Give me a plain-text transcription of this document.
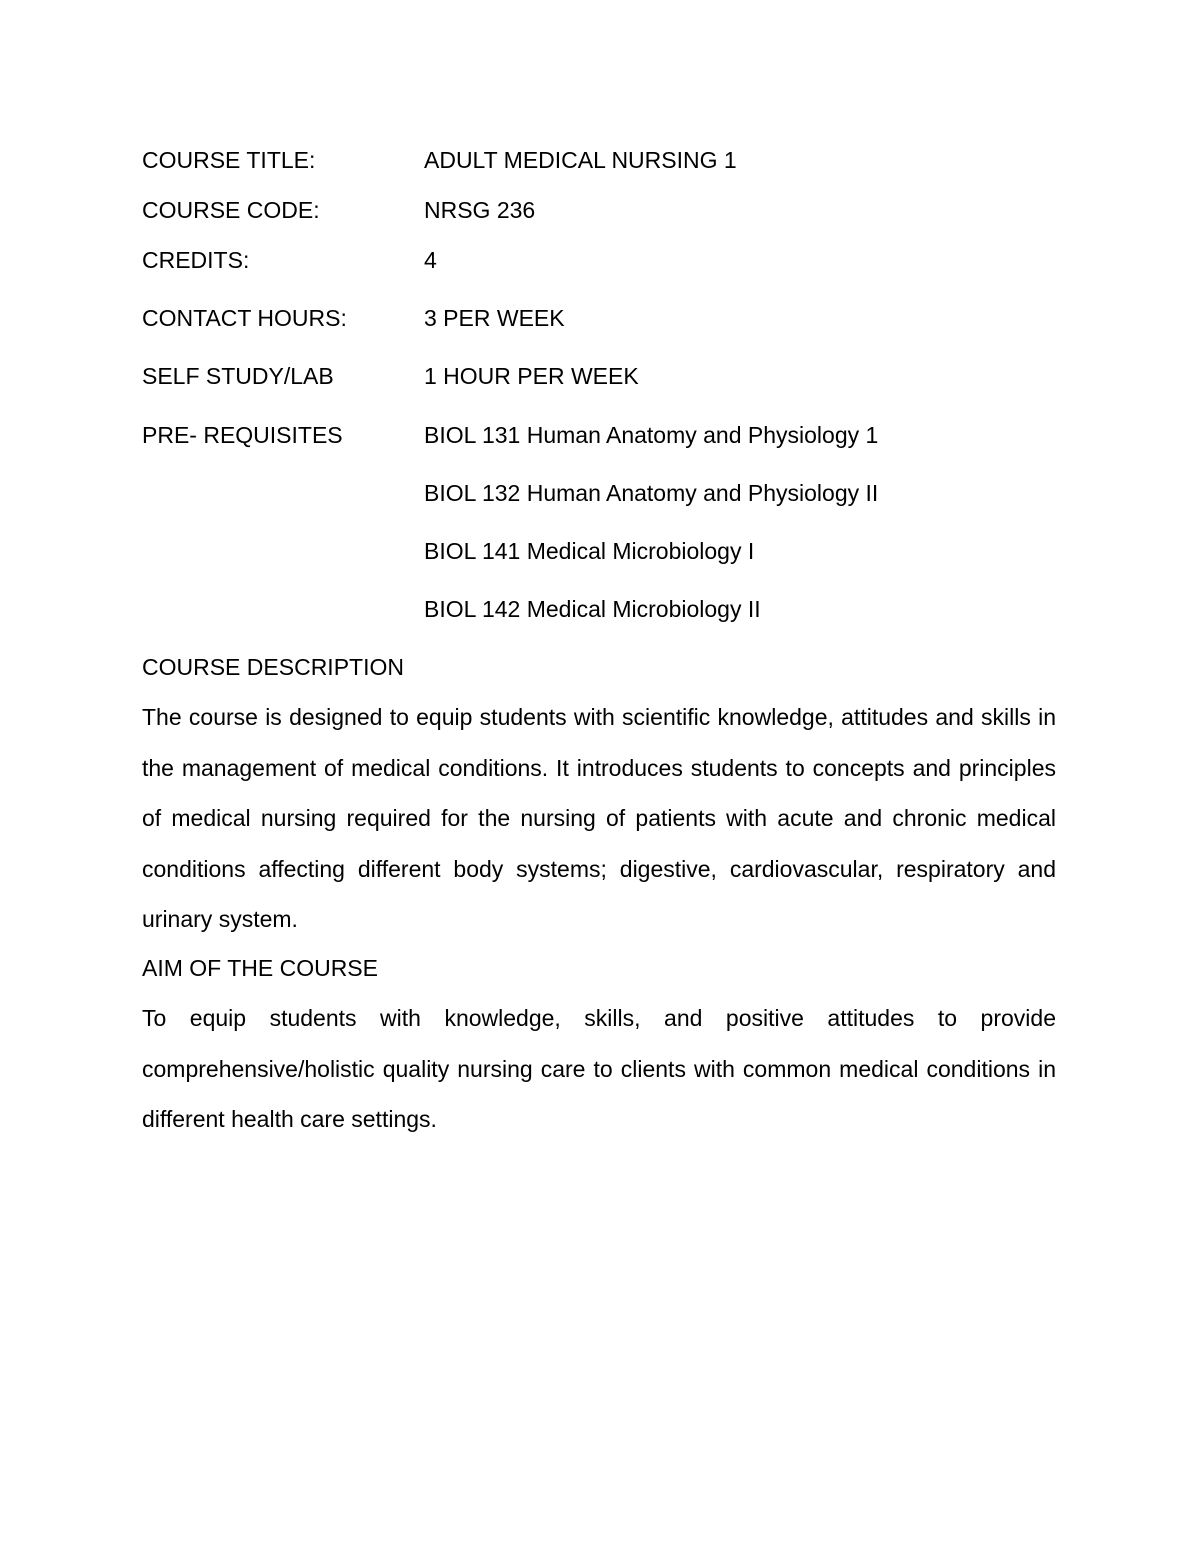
COURSE TITLE:	ADULT MEDICAL NURSING 1
COURSE CODE:	NRSG 236
CREDITS:	4
CONTACT HOURS:	3 PER WEEK
SELF STUDY/LAB	1 HOUR PER WEEK
PRE- REQUISITES	BIOL 131 Human Anatomy and Physiology 1
BIOL 132 Human Anatomy and Physiology II
BIOL 141 Medical Microbiology I
BIOL 142 Medical Microbiology II
COURSE DESCRIPTION

The course is designed to equip students with scientific knowledge, attitudes and skills in the management of medical conditions. It introduces students to concepts and principles of medical nursing required for the nursing of patients with acute and chronic medical conditions affecting different body systems; digestive, cardiovascular, respiratory and urinary system.

AIM OF THE COURSE

To equip students with knowledge, skills, and positive attitudes to provide comprehensive/holistic quality nursing care to clients with common medical conditions in different health care settings.
